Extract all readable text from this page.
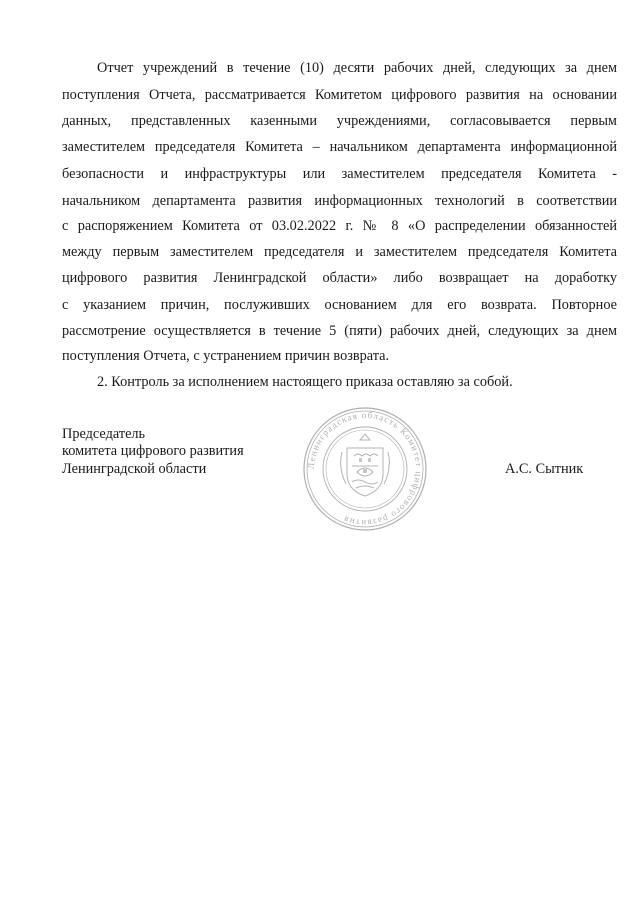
Отчет учреждений в течение (10) десяти рабочих дней, следующих за днем
поступления Отчета, рассматривается Комитетом цифрового развития на основании
данных, представленных казенными учреждениями, согласовывается первым
заместителем председателя Комитета – начальником департамента информационной
безопасности и инфраструктуры или заместителем председателя Комитета -
начальником департамента развития информационных технологий в соответствии
с распоряжением Комитета от 03.02.2022 г. № 8 «О распределении обязанностей
между первым заместителем председателя и заместителем председателя Комитета
цифрового развития Ленинградской области» либо возвращает на доработку
с указанием причин, послуживших основанием для его возврата. Повторное
рассмотрение осуществляется в течение 5 (пяти) рабочих дней, следующих за днем
поступления Отчета, с устранением причин возврата.
2. Контроль за исполнением настоящего приказа оставляю за собой.
Председатель
комитета цифрового развития
Ленинградской области	А.С. Сытник
Ленинградская область Комитет цифрового развития
